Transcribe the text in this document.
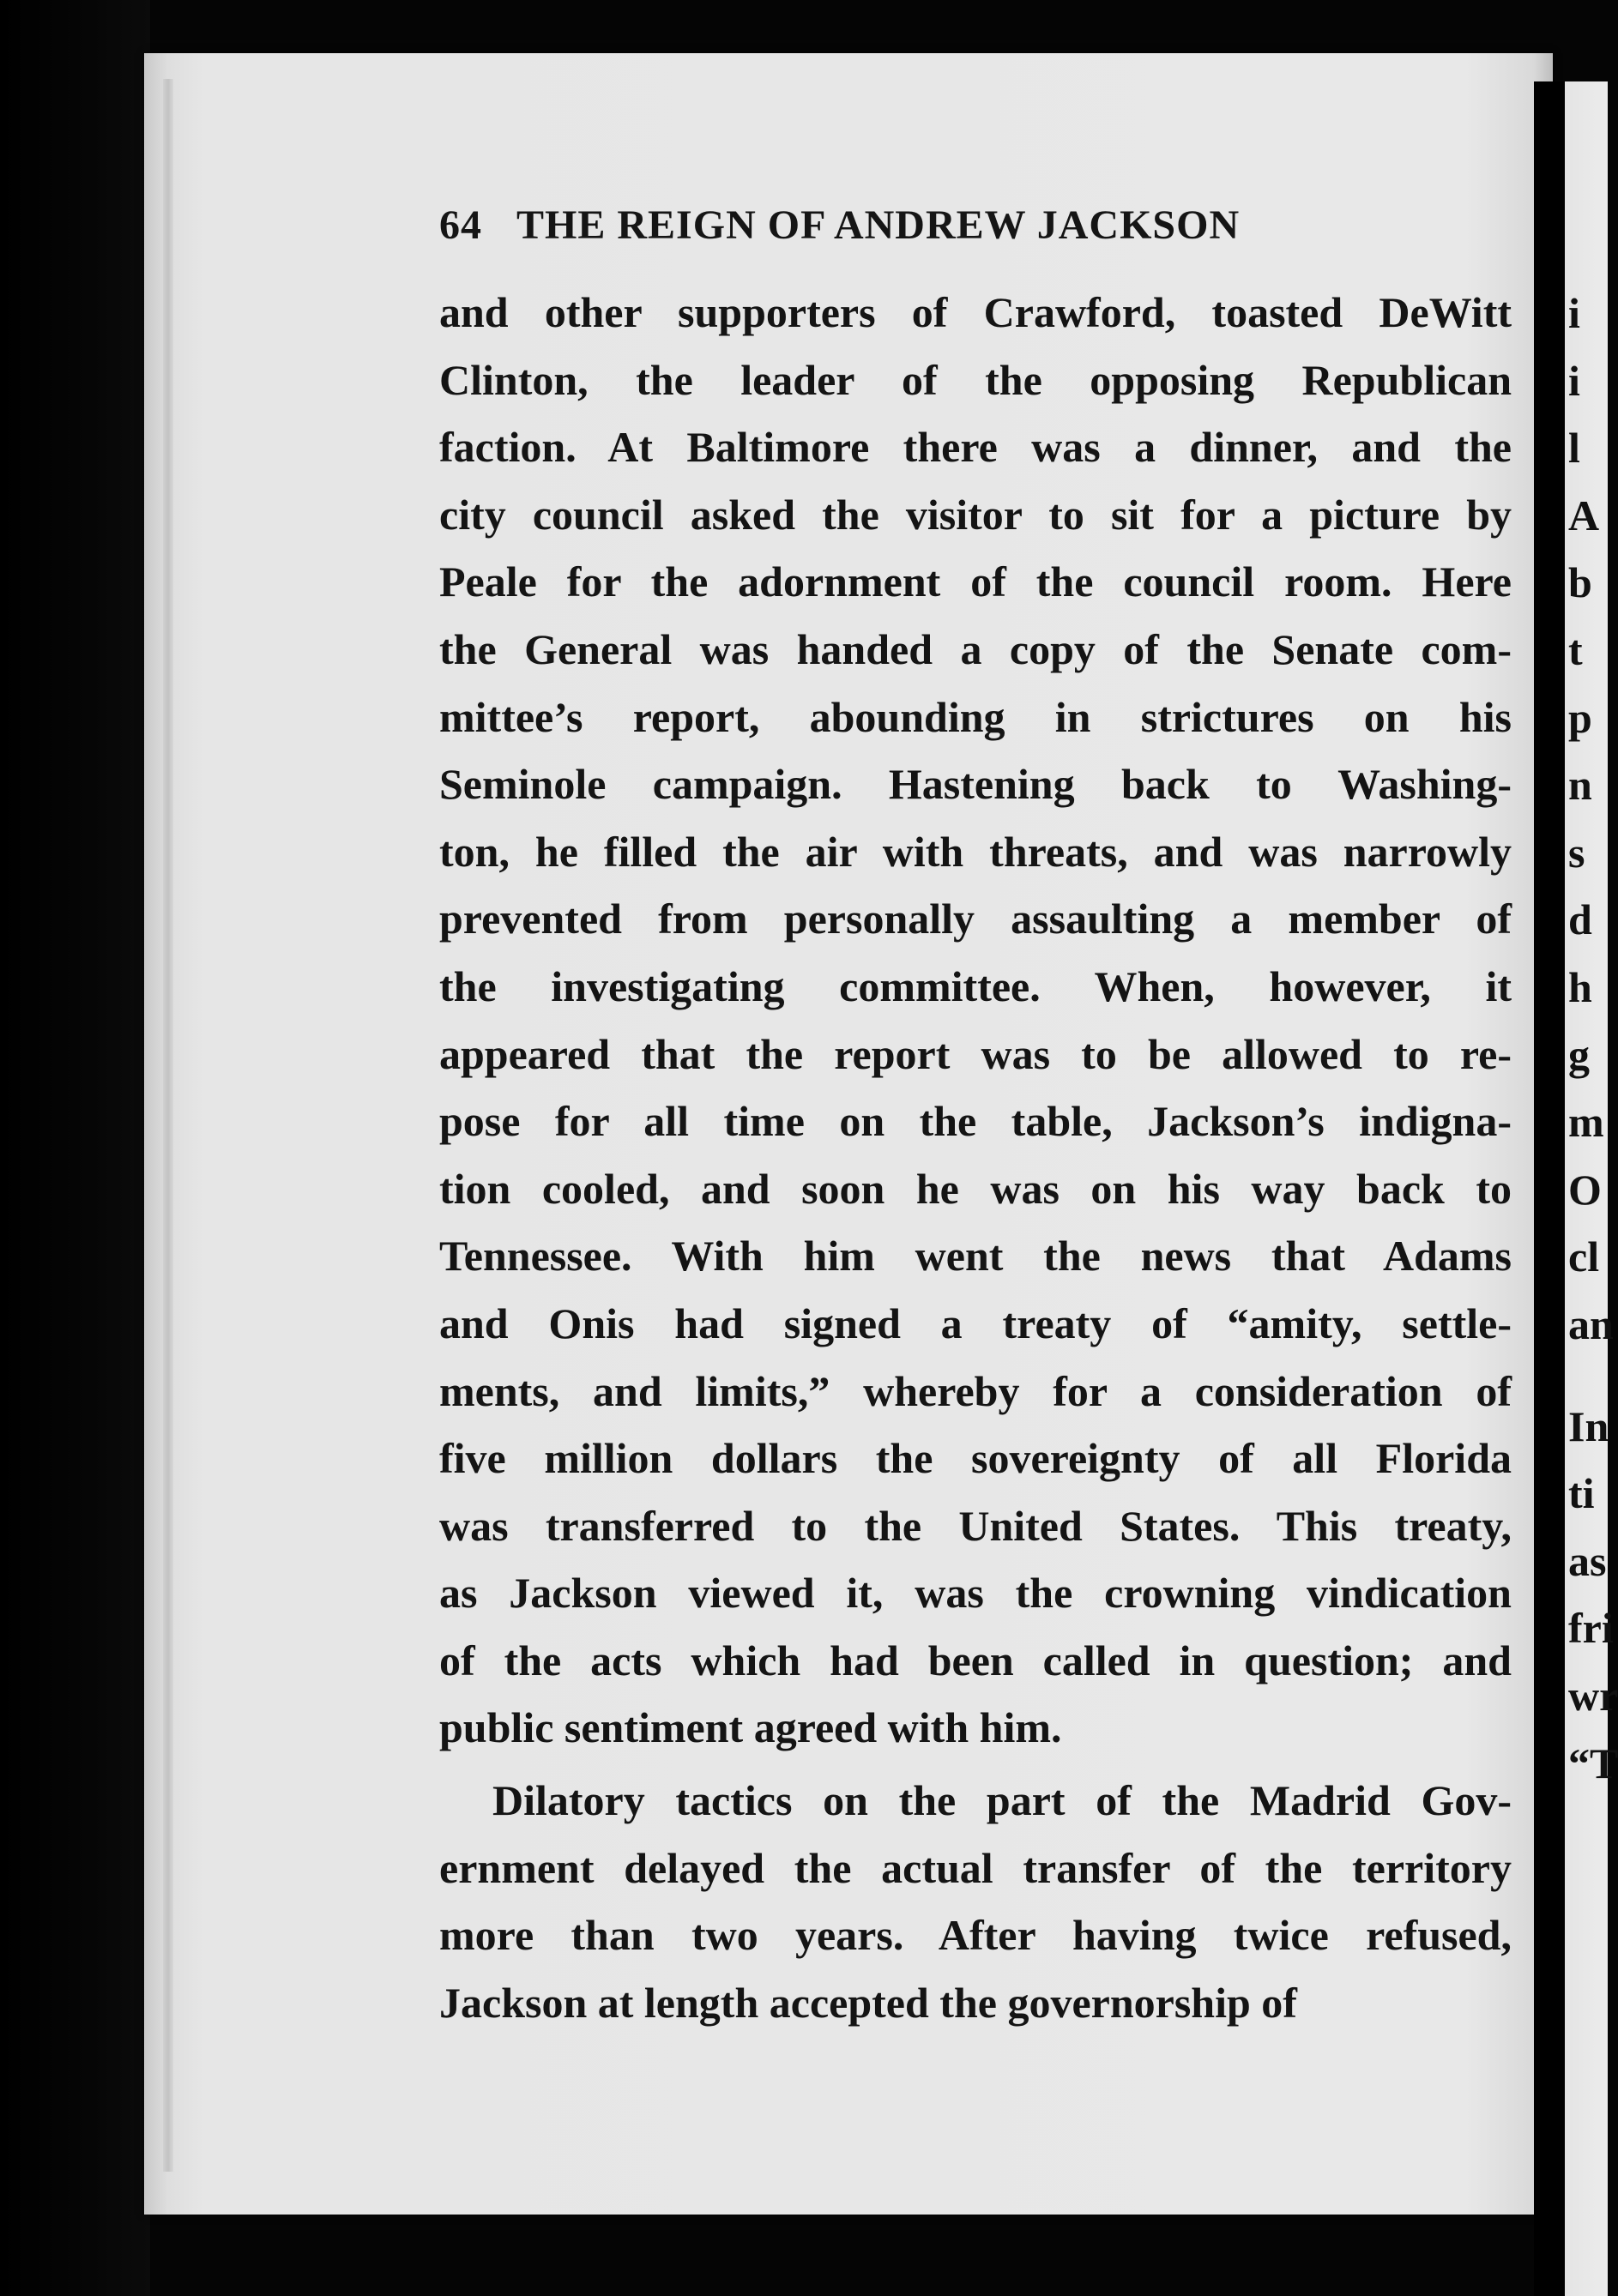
i
i
l
A
b
t
p
n
s
d
h
g
m
O
cl
an
In
ti
as
fri
wr
“T
64 THE REIGN OF ANDREW JACKSON
and other supporters of Crawford, toasted DeWitt
Clinton, the leader of the opposing Republican
faction. At Baltimore there was a dinner, and the
city council asked the visitor to sit for a picture by
Peale for the adornment of the council room. Here
the General was handed a copy of the Senate com-
mittee’s report, abounding in strictures on his
Seminole campaign. Hastening back to Washing-
ton, he filled the air with threats, and was narrowly
prevented from personally assaulting a member of
the investigating committee. When, however, it
appeared that the report was to be allowed to re-
pose for all time on the table, Jackson’s indigna-
tion cooled, and soon he was on his way back to
Tennessee. With him went the news that Adams
and Onis had signed a treaty of “amity, settle-
ments, and limits,” whereby for a consideration of
five million dollars the sovereignty of all Florida
was transferred to the United States. This treaty,
as Jackson viewed it, was the crowning vindication
of the acts which had been called in question; and
public sentiment agreed with him.
Dilatory tactics on the part of the Madrid Gov-
ernment delayed the actual transfer of the territory
more than two years. After having twice refused,
Jackson at length accepted the governorship of
